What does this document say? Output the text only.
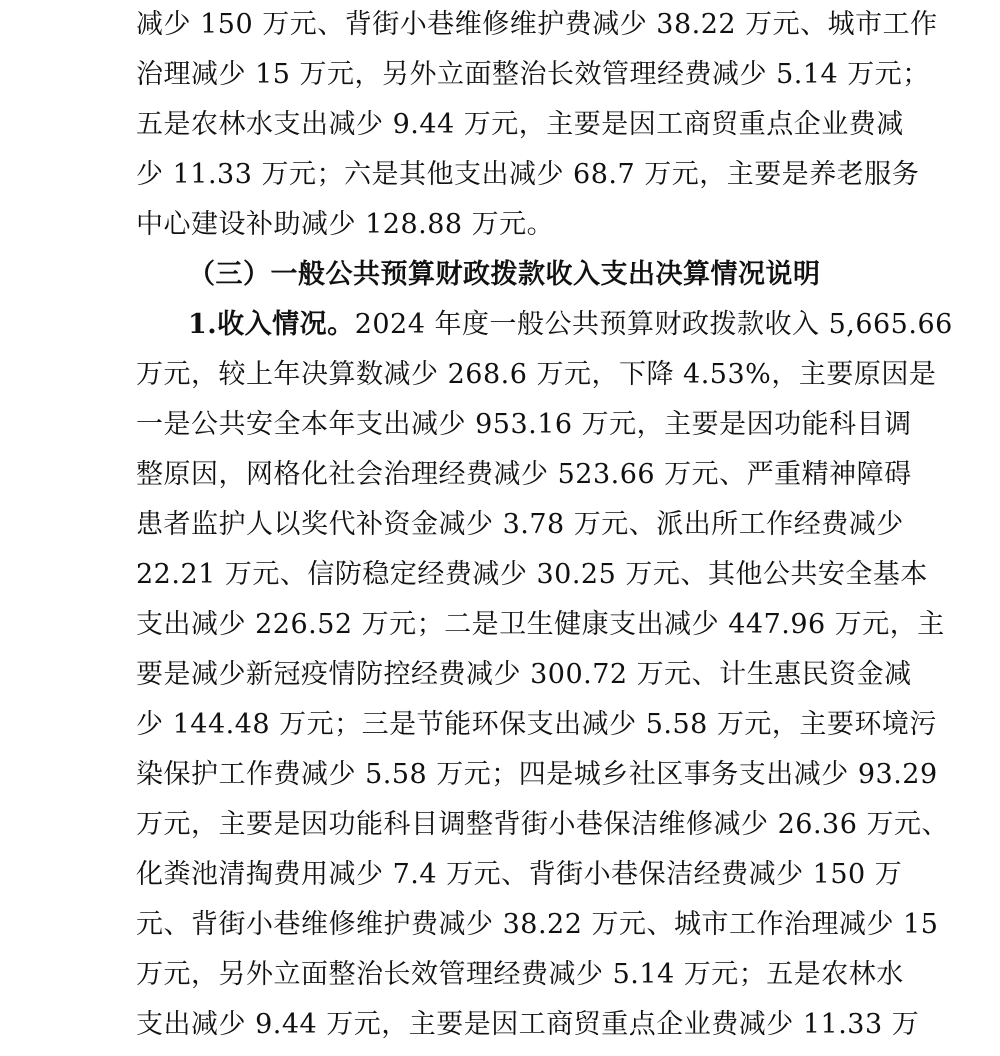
减少 150 万元、背街小巷维修维护费减少 38.22 万元、城市工作
治理减少 15 万元，另外立面整治长效管理经费减少 5.14 万元；
五是农林水支出减少 9.44 万元，主要是因工商贸重点企业费减
少 11.33 万元；六是其他支出减少 68.7 万元，主要是养老服务
中心建设补助减少 128.88 万元。
（三）一般公共预算财政拨款收入支出决算情况说明
1.收入情况。2024 年度一般公共预算财政拨款收入 5,665.66
万元，较上年决算数减少 268.6 万元，下降 4.53%，主要原因是
一是公共安全本年支出减少 953.16 万元，主要是因功能科目调
整原因，网格化社会治理经费减少 523.66 万元、严重精神障碍
患者监护人以奖代补资金减少 3.78 万元、派出所工作经费减少
22.21 万元、信防稳定经费减少 30.25 万元、其他公共安全基本
支出减少 226.52 万元；二是卫生健康支出减少 447.96 万元，主
要是减少新冠疫情防控经费减少 300.72 万元、计生惠民资金减
少 144.48 万元；三是节能环保支出减少 5.58 万元，主要环境污
染保护工作费减少 5.58 万元；四是城乡社区事务支出减少 93.29
万元，主要是因功能科目调整背街小巷保洁维修减少 26.36 万元、
化粪池清掏费用减少 7.4 万元、背街小巷保洁经费减少 150 万
元、背街小巷维修维护费减少 38.22 万元、城市工作治理减少 15
万元，另外立面整治长效管理经费减少 5.14 万元；五是农林水
支出减少 9.44 万元，主要是因工商贸重点企业费减少 11.33 万
